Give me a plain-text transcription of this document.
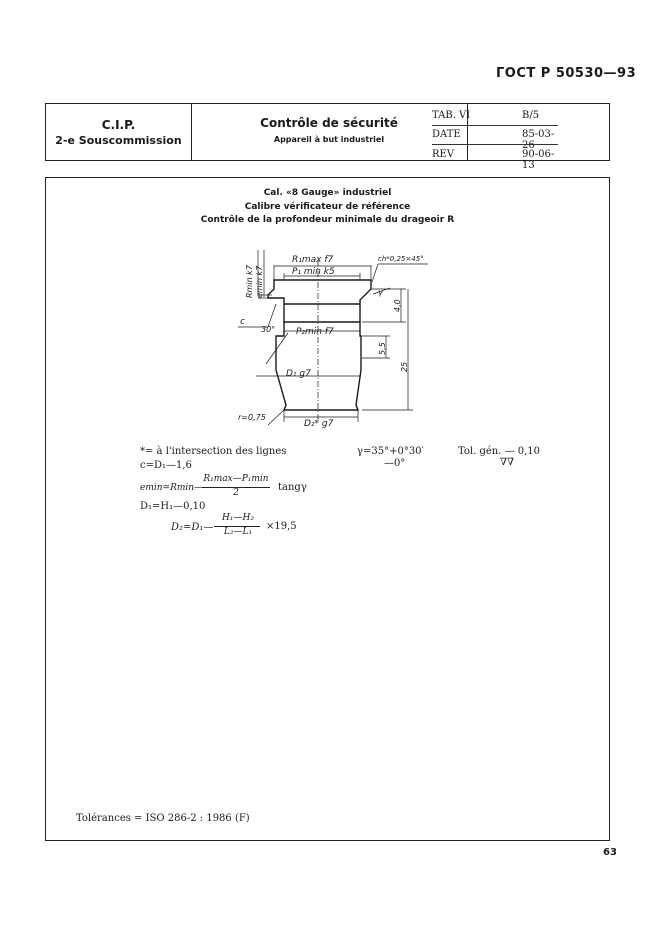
ГОСТ Р 50530—93
C.I.P.
2-e Souscommission
Contrôle de sécurité
Appareil à but industriel
TAB. VI	B/5
DATE	85-03-26
REV	90-06-13
Cal. «8 Gauge» industriel
Calibre vérificateur de référence
Contrôle de la profondeur minimale du drageoir R
Rmin k7 emin k7
R₁max f7
P₁ min k5
ch*0,25×45°
γ
c
30° P₂min f7
D₁ g7
r=0,75
D₂* g7
4,0
5,5
25
*= à l'intersection des lignes
c=D₁—1,6
γ=35°+0°30′
—0°
Tol. gén. — 0,10
∇∇
emin=Rmin—
R₁max—P₁min
2	tangγ
D₁=H₁—0,10
D₂=D₁—
H₁—H₂
L₂—L₁	×19,5
Tolérances = ISO 286-2 : 1986 (F)
63
